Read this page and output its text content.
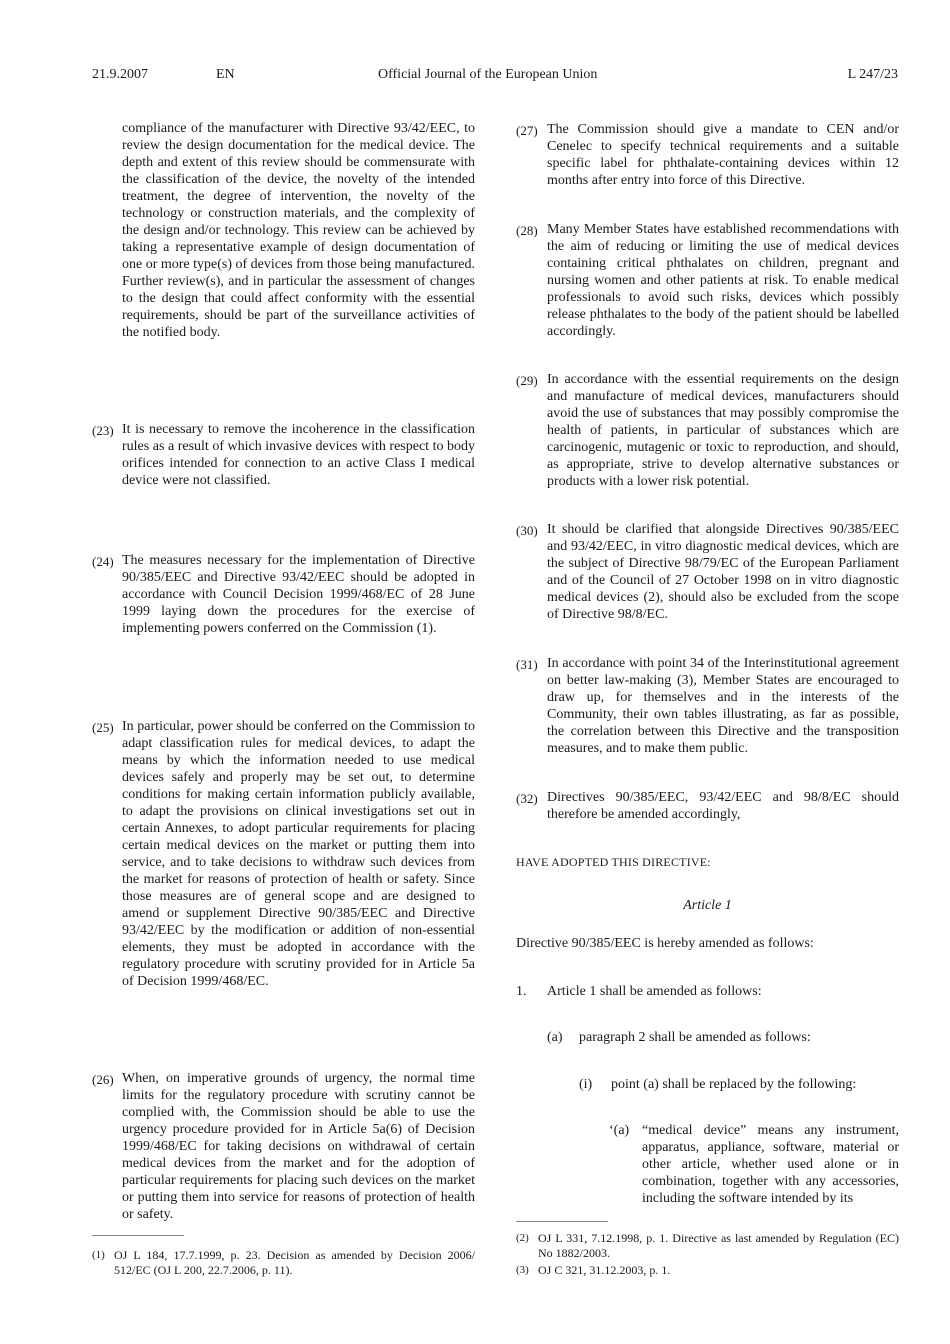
21.9.2007	EN	Official Journal of the European Union	L 247/23
compliance of the manufacturer with Directive 93/42/EEC, to review the design documentation for the medical device. The depth and extent of this review should be commensurate with the classification of the device, the novelty of the intended treatment, the degree of intervention, the novelty of the technology or construction materials, and the complexity of the design and/or technology. This review can be achieved by taking a representative example of design documentation of one or more type(s) of devices from those being manufactured. Further review(s), and in particular the assessment of changes to the design that could affect conformity with the essential requirements, should be part of the surveillance activities of the notified body.
(23) It is necessary to remove the incoherence in the classification rules as a result of which invasive devices with respect to body orifices intended for connection to an active Class I medical device were not classified.
(24) The measures necessary for the implementation of Directive 90/385/EEC and Directive 93/42/EEC should be adopted in accordance with Council Decision 1999/468/EC of 28 June 1999 laying down the procedures for the exercise of implementing powers conferred on the Commission (1).
(25) In particular, power should be conferred on the Commission to adapt classification rules for medical devices, to adapt the means by which the information needed to use medical devices safely and properly may be set out, to determine conditions for making certain information publicly available, to adapt the provisions on clinical investigations set out in certain Annexes, to adopt particular requirements for placing certain medical devices on the market or putting them into service, and to take decisions to withdraw such devices from the market for reasons of protection of health or safety. Since those measures are of general scope and are designed to amend or supplement Directive 90/385/EEC and Directive 93/42/EEC by the modification or addition of non-essential elements, they must be adopted in accordance with the regulatory procedure with scrutiny provided for in Article 5a of Decision 1999/468/EC.
(26) When, on imperative grounds of urgency, the normal time limits for the regulatory procedure with scrutiny cannot be complied with, the Commission should be able to use the urgency procedure provided for in Article 5a(6) of Decision 1999/468/EC for taking decisions on withdrawal of certain medical devices from the market and for the adoption of particular requirements for placing such devices on the market or putting them into service for reasons of protection of health or safety.
(1) OJ L 184, 17.7.1999, p. 23. Decision as amended by Decision 2006/ 512/EC (OJ L 200, 22.7.2006, p. 11).
(27) The Commission should give a mandate to CEN and/or Cenelec to specify technical requirements and a suitable specific label for phthalate-containing devices within 12 months after entry into force of this Directive.
(28) Many Member States have established recommendations with the aim of reducing or limiting the use of medical devices containing critical phthalates on children, pregnant and nursing women and other patients at risk. To enable medical professionals to avoid such risks, devices which possibly release phthalates to the body of the patient should be labelled accordingly.
(29) In accordance with the essential requirements on the design and manufacture of medical devices, manufacturers should avoid the use of substances that may possibly compromise the health of patients, in particular of substances which are carcinogenic, mutagenic or toxic to reproduction, and should, as appropriate, strive to develop alternative substances or products with a lower risk potential.
(30) It should be clarified that alongside Directives 90/385/EEC and 93/42/EEC, in vitro diagnostic medical devices, which are the subject of Directive 98/79/EC of the European Parliament and of the Council of 27 October 1998 on in vitro diagnostic medical devices (2), should also be excluded from the scope of Directive 98/8/EC.
(31) In accordance with point 34 of the Interinstitutional agreement on better law-making (3), Member States are encouraged to draw up, for themselves and in the interests of the Community, their own tables illustrating, as far as possible, the correlation between this Directive and the transposition measures, and to make them public.
(32) Directives 90/385/EEC, 93/42/EEC and 98/8/EC should therefore be amended accordingly,
HAVE ADOPTED THIS DIRECTIVE:
Article 1
Directive 90/385/EEC is hereby amended as follows:
1. Article 1 shall be amended as follows:
(a) paragraph 2 shall be amended as follows:
(i) point (a) shall be replaced by the following:
‘(a) “medical device” means any instrument, apparatus, appliance, software, material or other article, whether used alone or in combination, together with any accessories, including the software intended by its
(2) OJ L 331, 7.12.1998, p. 1. Directive as last amended by Regulation (EC) No 1882/2003.
(3) OJ C 321, 31.12.2003, p. 1.
